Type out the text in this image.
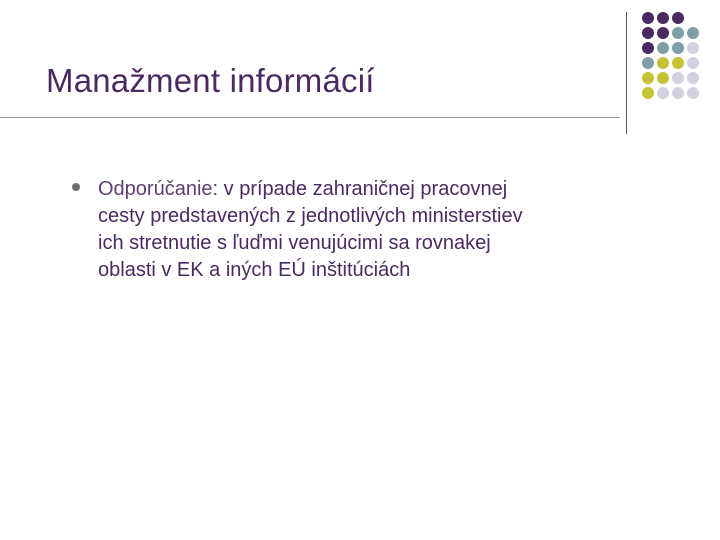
Manažment informácií
Odporúčanie: v prípade zahraničnej pracovnej
cesty predstavených z jednotlivých ministerstiev
ich stretnutie s ľuďmi venujúcimi sa rovnakej
oblasti v EK a iných EÚ inštitúciách
